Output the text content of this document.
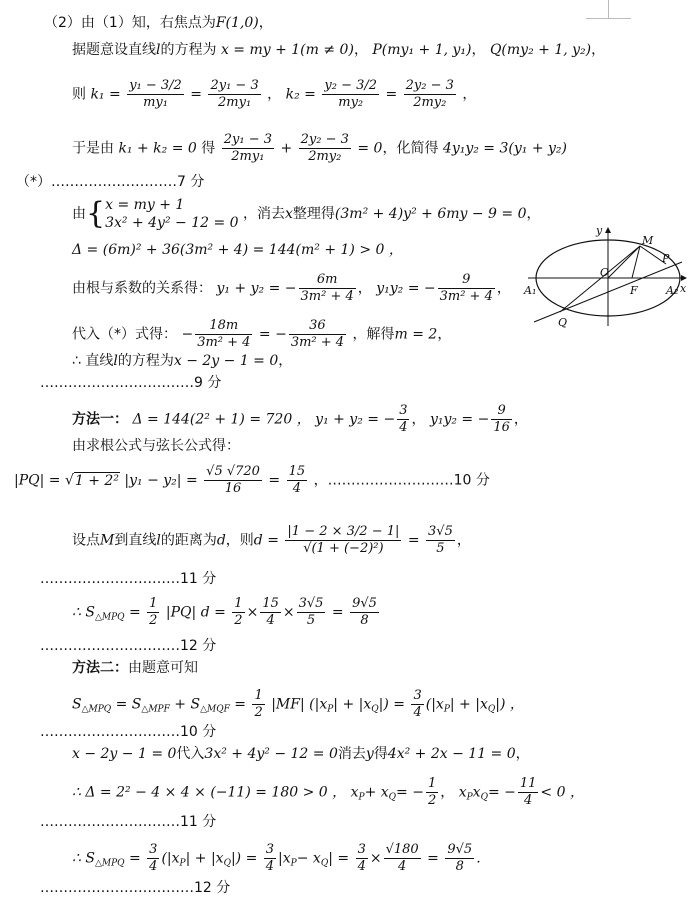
（2）由（1）知，右焦点为F(1,0)，
据题意设直线l的方程为 x = my + 1(m ≠ 0)， P(my₁ + 1, y₁)， Q(my₂ + 1, y₂)，
则 $k_1 = \frac{\text{y₁ − 3/2}}{\text{my₁}} = \frac{\text{2y₁ − 3}}{\text{2my₁}}$ ， $k_2 = \frac{\text{y₂ − 3/2}}{\text{my₂}} = \frac{\text{2y₂ − 3}}{\text{2my₂}}$ ，
于是由 k₁ + k₂ = 0 得 $\frac{\text{2y₁ − 3}}{\text{2my₁}} + \frac{\text{2y₂ − 3}}{\text{2my₂}} = 0$，化简得 4y₁y₂ = 3(y₁ + y₂)
（*）………………………7 分
由{ x = my + 1
3x² + 4y² − 12 = 0
，消去x整理得(3m² + 4)y² + 6my − 9 = 0，
Δ = (6m)² + 36(3m² + 4) = 144(m² + 1) > 0 ，
由根与系数的关系得： y₁ + y₂ = − $\frac{6m}{\text{3m² + 4}}$ ， y₁y₂ = − $\frac{9}{\text{3m² + 4}}$ ，
代入（*）式得： − $\frac{18m}{\text{3m² + 4}}$ = − $\frac{36}{\text{3m² + 4}}$ ，解得m = 2，
∴ 直线l的方程为x − 2y − 1 = 0，
……………………………9 分
方法一： Δ = 144(2² + 1) = 720 ， y₁ + y₂ = − $\frac{3}{4}$ ， y₁y₂ = − $\frac{9}{16}$ ，
由求根公式与弦长公式得：
|PQ| = √1 + 2² $|y_1 - y_2| = \frac{√5 √720}{16} = \frac{15}{4}$ ，………………………10 分
设点M到直线l的距离为d，则$d = \frac{|1 - 2 \times 3/2 - 1|}{\text{√(1 + (−2)²)}} = \frac{3√5}{5}$ ，
…………………………11 分
∴ $S_{\triangle MPQ} = \frac{1}{2} |PQ|$ $d = \frac{1}{2} \times \frac{15}{4} \times \frac{3√5}{5} = \frac{9√5}{8}$
…………………………12 分
方法二：由题意可知
$S_{\triangle MPQ} = S_{\triangle MPF} + S_{\triangle MQF} = \frac{1}{2} |MF|$ $(|x_P| + |x_Q|) = \frac{3}{4} (|x_P| + |x_Q|)$ ，
…………………………10 分
x − 2y − 1 = 0代入3x² + 4y² − 12 = 0消去y得4x² + 2x − 11 = 0，
∴ Δ = 2² − 4 × 4 × (−11) = 180 > 0 ， $x_P+ x_Q= - \frac{1}{2}$ ， $x_Px_Q= - \frac{11}{4} < 0$ ，
…………………………11 分
∴ $S_{\triangle MPQ} = \frac{3}{4} (|x_P| + |x_Q|) = \frac{3}{4} |x_P- x_Q| = \frac{3}{4} \times \frac{√180}{4} = \frac{9√5}{8}$ ．
……………………………12 分
y
x
M
P
O
F
A₁	A₂
Q
